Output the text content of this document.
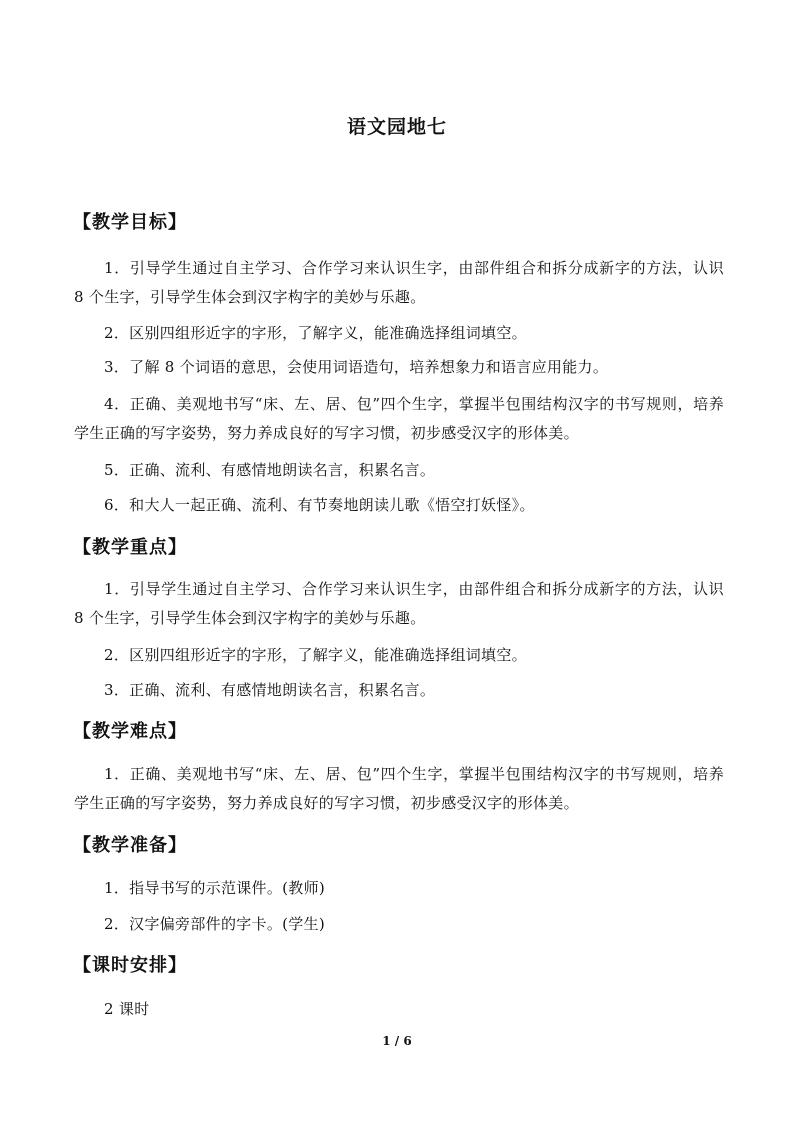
语文园地七
【教学目标】
1．引导学生通过自主学习、合作学习来认识生字，由部件组合和拆分成新字的方法，认识 8 个生字，引导学生体会到汉字构字的美妙与乐趣。
2．区别四组形近字的字形，了解字义，能准确选择组词填空。
3．了解 8 个词语的意思，会使用词语造句，培养想象力和语言应用能力。
4．正确、美观地书写“床、左、居、包”四个生字，掌握半包围结构汉字的书写规则，培养学生正确的写字姿势，努力养成良好的写字习惯，初步感受汉字的形体美。
5．正确、流利、有感情地朗读名言，积累名言。
6．和大人一起正确、流利、有节奏地朗读儿歌《悟空打妖怪》。
【教学重点】
1．引导学生通过自主学习、合作学习来认识生字，由部件组合和拆分成新字的方法，认识 8 个生字，引导学生体会到汉字构字的美妙与乐趣。
2．区别四组形近字的字形，了解字义，能准确选择组词填空。
3．正确、流利、有感情地朗读名言，积累名言。
【教学难点】
1．正确、美观地书写“床、左、居、包”四个生字，掌握半包围结构汉字的书写规则，培养学生正确的写字姿势，努力养成良好的写字习惯，初步感受汉字的形体美。
【教学准备】
1．指导书写的示范课件。(教师)
2．汉字偏旁部件的字卡。(学生)
【课时安排】
2 课时
1 / 6
